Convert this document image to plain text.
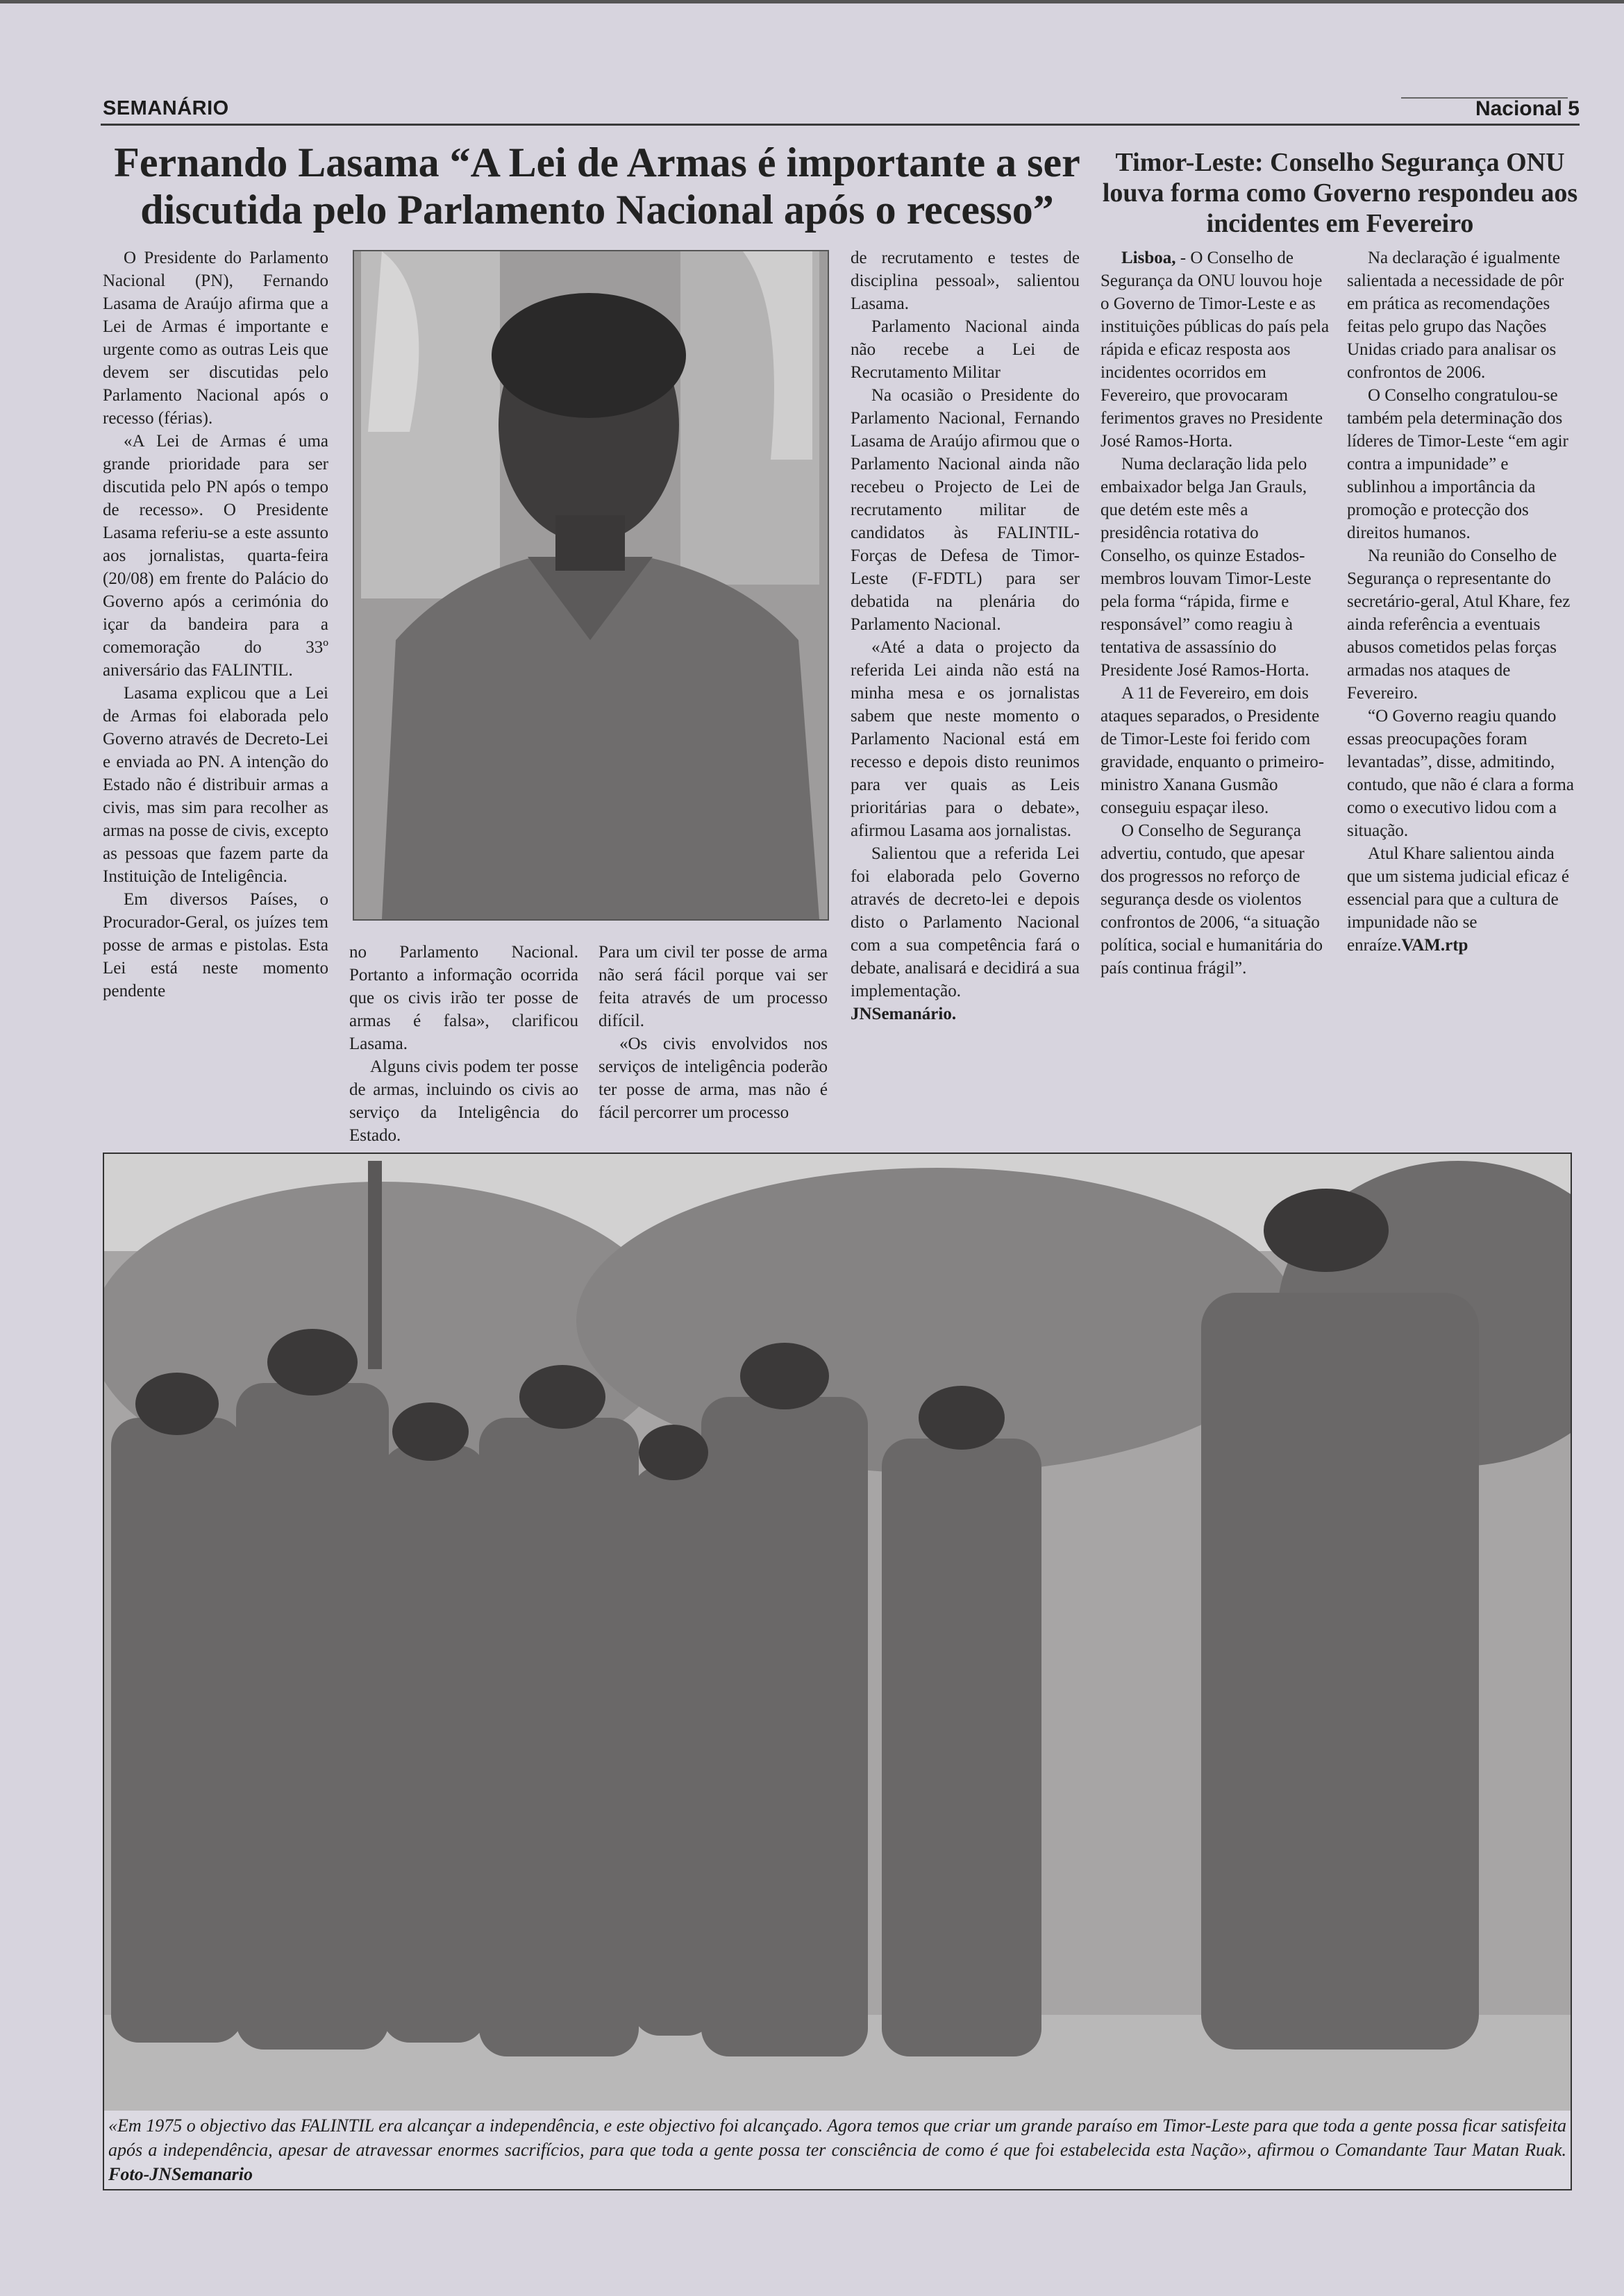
SEMANÁRIO	Nacional 5
Fernando Lasama “A Lei de Armas é importante a ser discutida pelo Parlamento Nacional após o recesso”
Timor-Leste: Conselho Segurança ONU louva forma como Governo respondeu aos incidentes em Fevereiro

O Presidente do Parlamento Nacional (PN), Fernando Lasama de Araújo afirma que a Lei de Armas é importante e urgente como as outras Leis que devem ser discutidas pelo Parlamento Nacional após o recesso (férias).

«A Lei de Armas é uma grande prioridade para ser discutida pelo PN após o tempo de recesso». O Presidente Lasama referiu-se a este assunto aos jornalistas, quarta-feira (20/08) em frente do Palácio do Governo após a cerimónia do içar da bandeira para a comemoração do 33º aniversário das FALINTIL.

Lasama explicou que a Lei de Armas foi elaborada pelo Governo através de Decreto-Lei e enviada ao PN. A intenção do Estado não é distribuir armas a civis, mas sim para recolher as armas na posse de civis, excepto as pessoas que fazem parte da Instituição de Inteligência.

Em diversos Países, o Procurador-Geral, os juízes tem posse de armas e pistolas. Esta Lei está neste momento pendente

no Parlamento Nacional. Portanto a informação ocorrida que os civis irão ter posse de armas é falsa», clarificou Lasama.

Alguns civis podem ter posse de armas, incluindo os civis ao serviço da Inteligência do Estado.

Para um civil ter posse de arma não será fácil porque vai ser feita através de um processo difícil.

«Os civis envolvidos nos serviços de inteligência poderão ter posse de arma, mas não é fácil percorrer um processo

de recrutamento e testes de disciplina pessoal», salientou Lasama.

Parlamento Nacional ainda não recebe a Lei de Recrutamento Militar

Na ocasião o Presidente do Parlamento Nacional, Fernando Lasama de Araújo afirmou que o Parlamento Nacional ainda não recebeu o Projecto de Lei de recrutamento militar de candidatos às FALINTIL- Forças de Defesa de Timor-Leste (F-FDTL) para ser debatida na plenária do Parlamento Nacional.

«Até a data o projecto da referida Lei ainda não está na minha mesa e os jornalistas sabem que neste momento o Parlamento Nacional está em recesso e depois disto reunimos para ver quais as Leis prioritárias para o debate», afirmou Lasama aos jornalistas.

Salientou que a referida Lei foi elaborada pelo Governo através de decreto-lei e depois disto o Parlamento Nacional com a sua competência fará o debate, analisará e decidirá a sua implementação.

JNSemanário.

Lisboa, - O Conselho de Segurança da ONU louvou hoje o Governo de Timor-Leste e as instituições públicas do país pela rápida e eficaz resposta aos incidentes ocorridos em Fevereiro, que provocaram ferimentos graves no Presidente José Ramos-Horta.

Numa declaração lida pelo embaixador belga Jan Grauls, que detém este mês a presidência rotativa do Conselho, os quinze Estados-membros louvam Timor-Leste pela forma “rápida, firme e responsável” como reagiu à tentativa de assassínio do Presidente José Ramos-Horta.

A 11 de Fevereiro, em dois ataques separados, o Presidente de Timor-Leste foi ferido com gravidade, enquanto o primeiro-ministro Xanana Gusmão conseguiu espaçar ileso.

O Conselho de Segurança advertiu, contudo, que apesar dos progressos no reforço de segurança desde os violentos confrontos de 2006, “a situação política, social e humanitária do país continua frágil”.

Na declaração é igualmente salientada a necessidade de pôr em prática as recomendações feitas pelo grupo das Nações Unidas criado para analisar os confrontos de 2006.

O Conselho congratulou-se também pela determinação dos líderes de Timor-Leste “em agir contra a impunidade” e sublinhou a importância da promoção e protecção dos direitos humanos.

Na reunião do Conselho de Segurança o representante do secretário-geral, Atul Khare, fez ainda referência a eventuais abusos cometidos pelas forças armadas nos ataques de Fevereiro.

“O Governo reagiu quando essas preocupações foram levantadas”, disse, admitindo, contudo, que não é clara a forma como o executivo lidou com a situação.

Atul Khare salientou ainda que um sistema judicial eficaz é essencial para que a cultura de impunidade não se enraíze.VAM.rtp

«Em 1975 o objectivo das FALINTIL era alcançar a independência, e este objectivo foi alcançado. Agora temos que criar um grande paraíso em Timor-Leste para que toda a gente possa ficar satisfeita após a independência, apesar de atravessar enormes sacrifícios, para que toda a gente possa ter consciência de como é que foi estabelecida esta Nação», afirmou o Comandante Taur Matan Ruak. Foto-JNSemanario
